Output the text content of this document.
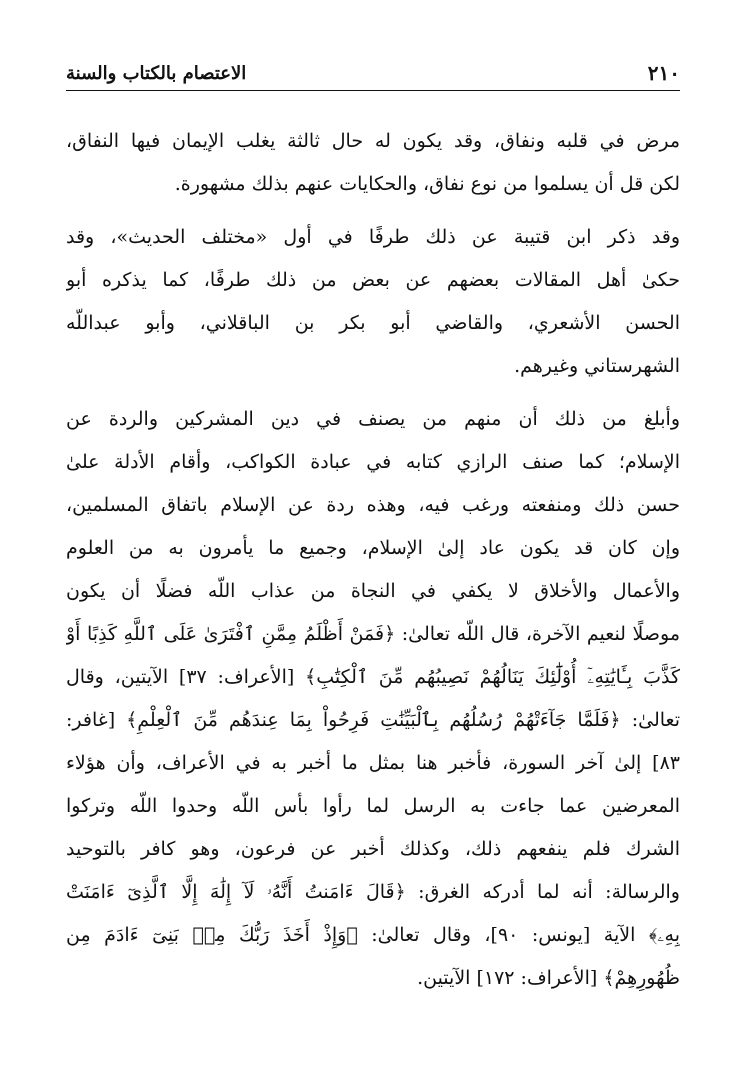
٢١٠
الاعتصام بالكتاب والسنة
مرض في قلبه ونفاق، وقد يكون له حال ثالثة يغلب الإيمان فيها النفاق،
لكن قل أن يسلموا من نوع نفاق، والحكايات عنهم بذلك مشهورة.
وقد ذكر ابن قتيبة عن ذلك طرفًا في أول «مختلف الحديث»، وقد
حكىٰ أهل المقالات بعضهم عن بعض من ذلك طرفًا، كما يذكره أبو
الحسن الأشعري، والقاضي أبو بكر بن الباقلاني، وأبو عبداللّه
الشهرستاني وغيرهم.
وأبلغ من ذلك أن منهم من يصنف في دين المشركين والردة عن
الإسلام؛ كما صنف الرازي كتابه في عبادة الكواكب، وأقام الأدلة علىٰ
حسن ذلك ومنفعته ورغب فيه، وهذه ردة عن الإسلام باتفاق المسلمين،
وإن كان قد يكون عاد إلىٰ الإسلام، وجميع ما يأمرون به من العلوم
والأعمال والأخلاق لا يكفي في النجاة من عذاب اللّه فضلًا أن يكون
موصلًا لنعيم الآخرة، قال اللّه تعالىٰ: ﴿فَمَنْ أَظْلَمُ مِمَّنِ ٱفْتَرَىٰ عَلَى ٱللَّهِ كَذِبًا أَوْ
كَذَّبَ بِـَٔايَٰتِهِۦٓ أُوْلَٰٓئِكَ يَنَالُهُمْ نَصِيبُهُم مِّنَ ٱلْكِتَٰبِ﴾ [الأعراف: ٣٧] الآيتين، وقال
تعالىٰ: ﴿فَلَمَّا جَآءَتْهُمْ رُسُلُهُم بِٱلْبَيِّنَٰتِ فَرِحُواْ بِمَا عِندَهُم مِّنَ ٱلْعِلْمِ﴾ [غافر:
٨٣] إلىٰ آخر السورة، فأخبر هنا بمثل ما أخبر به في الأعراف، وأن هؤلاء
المعرضين عما جاءت به الرسل لما رأوا بأس اللّه وحدوا اللّه وتركوا
الشرك فلم ينفعهم ذلك، وكذلك أخبر عن فرعون، وهو كافر بالتوحيد
والرسالة: أنه لما أدركه الغرق: ﴿قَالَ ءَامَنتُ أَنَّهُۥ لَآ إِلَٰهَ إِلَّا ٱلَّذِىٓ ءَامَنَتْ
بِهِۦ﴾ الآية [يونس: ٩٠]، وقال تعالىٰ: ﴿وَإِذْ أَخَذَ رَبُّكَ مِنۢ بَنِىٓ ءَادَمَ مِن
ظُهُورِهِمْ﴾ [الأعراف: ١٧٢] الآيتين.
